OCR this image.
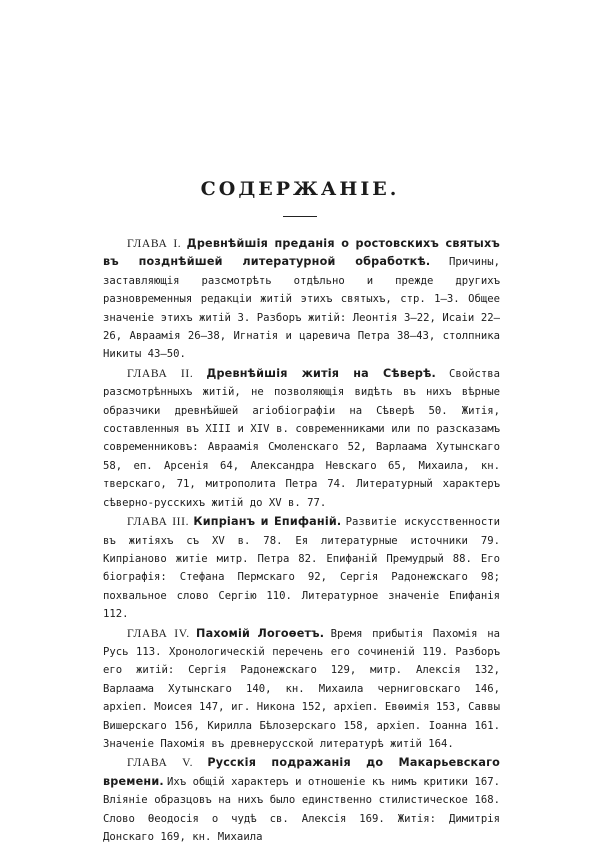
СОДЕРЖАНІЕ.

ГЛАВА I. Древнѣйшія преданія о ростовскихъ святыхъ въ позднѣйшей литературной обработкѣ. Причины, заставляющія разсмотрѣть отдѣльно и прежде другихъ разновременныя редакціи житій этихъ святыхъ, стр. 1—3. Общее значеніе этихъ житій 3. Разборъ житій: Леонтія 3—22, Исаіи 22—26, Авраамія 26—38, Игнатія и царевича Петра 38—43, столпника Никиты 43—50.

ГЛАВА II. Древнѣйшія житія на Сѣверѣ. Свойства разсмотрѣнныхъ житій, не позволяющія видѣть въ нихъ вѣрные образчики древнѣйшей агіобіографіи на Сѣверѣ 50. Житія, составленныя въ XIII и XIV в. современниками или по разсказамъ современниковъ: Авраамія Смоленскаго 52, Варлаама Хутынскаго 58, еп. Арсенія 64, Александра Невскаго 65, Михаила, кн. тверскаго, 71, митрополита Петра 74. Литературный характеръ сѣверно-русскихъ житій до XV в. 77.

ГЛАВА III. Кипріанъ и Епифаній. Развитіе искусственности въ житіяхъ съ XV в. 78. Ея литературные источники 79. Кипріаново житіе митр. Петра 82. Епифаній Премудрый 88. Его біографія: Стефана Пермскаго 92, Сергія Радонежскаго 98; похвальное слово Сергію 110. Литературное значеніе Епифанія 112.

ГЛАВА IV. Пахомій Логоѳетъ. Время прибытія Пахомія на Русь 113. Хронологическій перечень его сочиненій 119. Разборъ его житій: Сергія Радонежскаго 129, митр. Алексія 132, Варлаама Хутынскаго 140, кн. Михаила черниговскаго 146, архіеп. Моисея 147, иг. Никона 152, архіеп. Евѳимія 153, Саввы Вишерскаго 156, Кирилла Бѣлозерскаго 158, архіеп. Іоанна 161. Значеніе Пахомія въ древнерусской литературѣ житій 164.

ГЛАВА V. Русскія подражанія до Макарьевскаго времени. Ихъ общій характеръ и отношеніе къ нимъ критики 167. Вліяніе образцовъ на нихъ было единственно стилистическое 168. Слово Ѳеодосія о чудѣ св. Алексія 169. Житія: Димитрія Донскаго 169, кн. Михаила
